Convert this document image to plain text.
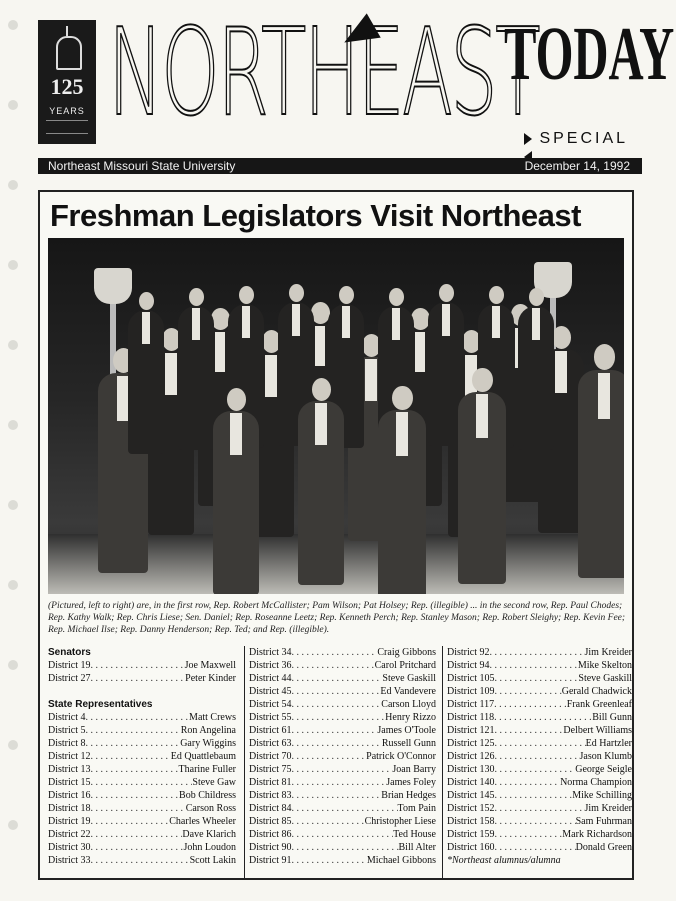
125
YEARS NORTHEAST
TODAY
SPECIAL
Northeast Missouri State University	December 14, 1992
Freshman Legislators Visit Northeast
(Pictured, left to right) are, in the first row, Rep. Robert McCallister; Pam Wilson; Pat Holsey; Rep. (illegible) ... in the second row, Rep. Paul Chodes; Rep. Kathy Walk; Rep. Chris Liese; Sen. Daniel; Rep. Roseanne Leetz; Rep. Kenneth Perch; Rep. Stanley Mason; Rep. Robert Sleighy; Rep. Kevin Fee; Rep. Michael Ilse; Rep. Danny Henderson; Rep. Ted; and Rep. (illegible).
Senators
District 19 . . .	Joe Maxwell
District 27 . . .	Peter Kinder
State Representatives
District 4 . . .	Matt Crews
District 5 . . .	Ron Angelina
District 8 . . .	Gary Wiggins
District 12 . . .	Ed Quattlebaum
District 13 . . .	Tharine Fuller
District 15 . . .	Steve Gaw
District 16 . . .	Bob Childress
District 18 . . .	Carson Ross
District 19 . . .	Charles Wheeler
District 22 . . .	Dave Klarich
District 30 . . .	John Loudon
District 33 . . .	Scott Lakin
District 34 . . .	Craig Gibbons
District 36 . . .	Carol Pritchard
District 44 . . .	Steve Gaskill
District 45 . . .	Ed Vandevere
District 54 . . .	Carson Lloyd
District 55 . . .	Henry Rizzo
District 61 . . .	James O'Toole
District 63 . . .	Russell Gunn
District 70 . . .	Patrick O'Connor
District 75 . . .	Joan Barry
District 81 . . .	James Foley
District 83 . . .	Brian Hedges
District 84 . . .	Tom Pain
District 85 . . .	Christopher Liese
District 86 . . .	Ted House
District 90 . . .	Bill Alter
District 91 . . .	Michael Gibbons
District 92 . . .	Jim Kreider
District 94 . . .	Mike Skelton
District 105 . . .	Steve Gaskill
District 109 . . .	Gerald Chadwick
District 117 . . .	Frank Greenleaf
District 118 . . .	Bill Gunn
District 121 . . .	Delbert Williams
District 125 . . .	Ed Hartzler
District 126 . . .	Jason Klumb
District 130 . . .	George Seigle
District 140 . . .	Norma Champion
District 145 . . .	Mike Schilling
District 152 . . .	Jim Kreider
District 158 . . .	Sam Fuhrman
District 159 . . .	Mark Richardson
District 160 . . .	Donald Green
*Northeast alumnus/alumna
